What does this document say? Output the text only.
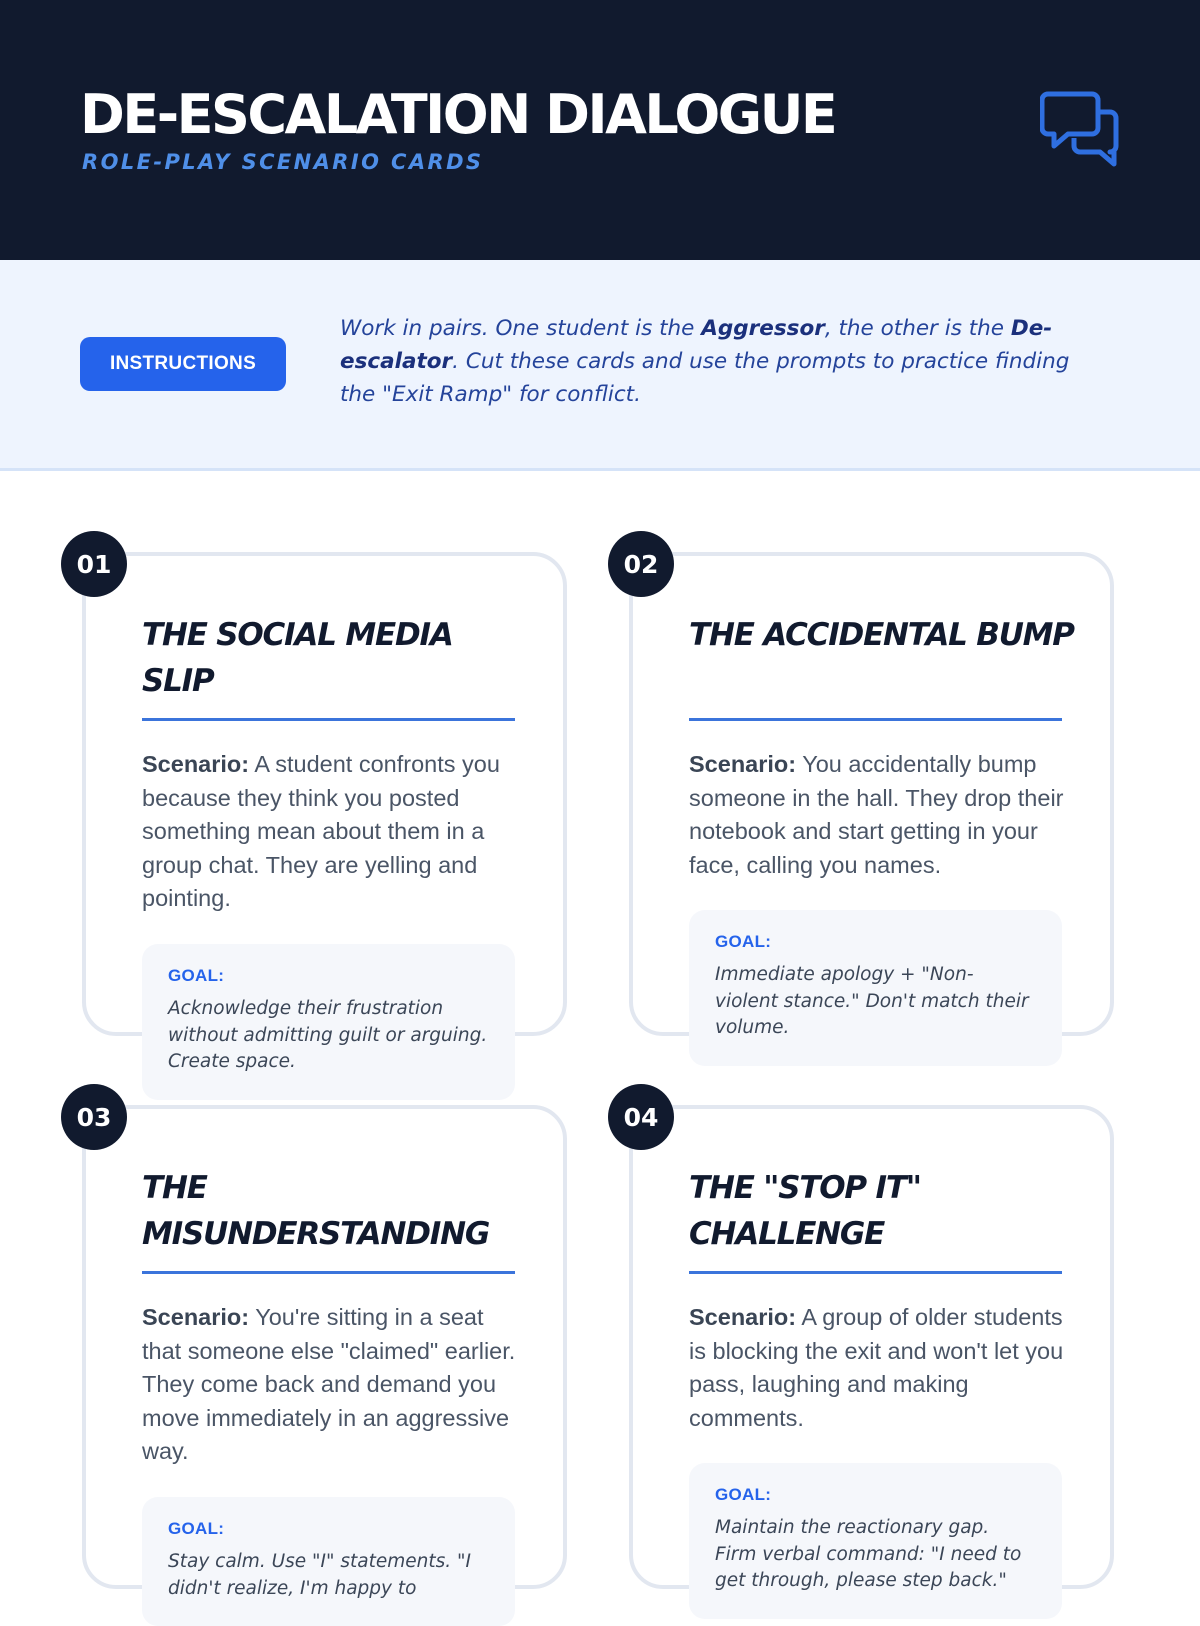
DE-ESCALATION DIALOGUE
ROLE-PLAY SCENARIO CARDS
INSTRUCTIONS

Work in pairs. One student is the Aggressor, the other is the De-escalator. Cut these cards and use the prompts to practice finding the "Exit Ramp" for conflict.

THE SOCIAL MEDIA SLIP

Scenario: A student confronts you because they think you posted something mean about them in a group chat. They are yelling and pointing.

GOAL:

Acknowledge their frustration without admitting guilt or arguing. Create space.

01
THE ACCIDENTAL BUMP

Scenario: You accidentally bump someone in the hall. They drop their notebook and start getting in your face, calling you names.

GOAL:

Immediate apology + "Non-violent stance." Don't match their volume.

02
THE MISUNDERSTANDING

Scenario: You're sitting in a seat that someone else "claimed" earlier. They come back and demand you move immediately in an aggressive way.

GOAL:

Stay calm. Use "I" statements. "I didn't realize, I'm happy to

03
THE "STOP IT" CHALLENGE

Scenario: A group of older students is blocking the exit and won't let you pass, laughing and making comments.

GOAL:

Maintain the reactionary gap. Firm verbal command: "I need to get through, please step back."

04
